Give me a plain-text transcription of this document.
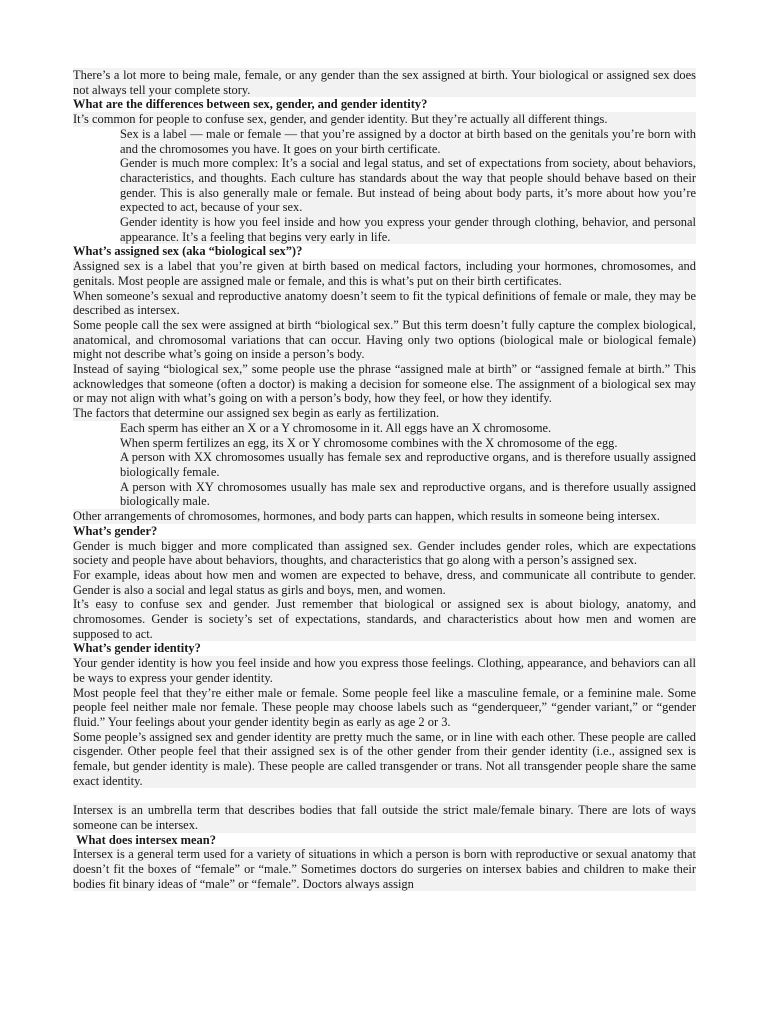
There’s a lot more to being male, female, or any gender than the sex assigned at birth. Your biological or assigned sex does not always tell your complete story.

What are the differences between sex, gender, and gender identity?

It’s common for people to confuse sex, gender, and gender identity. But they’re actually all different things.

Sex is a label — male or female — that you’re assigned by a doctor at birth based on the genitals you’re born with and the chromosomes you have. It goes on your birth certificate.

Gender is much more complex: It’s a social and legal status, and set of expectations from society, about behaviors, characteristics, and thoughts. Each culture has standards about the way that people should behave based on their gender. This is also generally male or female. But instead of being about body parts, it’s more about how you’re expected to act, because of your sex.

Gender identity is how you feel inside and how you express your gender through clothing, behavior, and personal appearance. It’s a feeling that begins very early in life.

What’s assigned sex (aka “biological sex”)?

Assigned sex is a label that you’re given at birth based on medical factors, including your hormones, chromosomes, and genitals. Most people are assigned male or female, and this is what’s put on their birth certificates.

When someone’s sexual and reproductive anatomy doesn’t seem to fit the typical definitions of female or male, they may be described as intersex.

Some people call the sex were assigned at birth “biological sex.” But this term doesn’t fully capture the complex biological, anatomical, and chromosomal variations that can occur. Having only two options (biological male or biological female) might not describe what’s going on inside a person’s body.

Instead of saying “biological sex,” some people use the phrase “assigned male at birth” or “assigned female at birth.” This acknowledges that someone (often a doctor) is making a decision for someone else. The assignment of a biological sex may or may not align with what’s going on with a person’s body, how they feel, or how they identify.

The factors that determine our assigned sex begin as early as fertilization.

Each sperm has either an X or a Y chromosome in it. All eggs have an X chromosome.

When sperm fertilizes an egg, its X or Y chromosome combines with the X chromosome of the egg.

A person with XX chromosomes usually has female sex and reproductive organs, and is therefore usually assigned biologically female.

A person with XY chromosomes usually has male sex and reproductive organs, and is therefore usually assigned biologically male.

Other arrangements of chromosomes, hormones, and body parts can happen, which results in someone being intersex.

What’s gender?

Gender is much bigger and more complicated than assigned sex. Gender includes gender roles, which are expectations society and people have about behaviors, thoughts, and characteristics that go along with a person’s assigned sex.

For example, ideas about how men and women are expected to behave, dress, and communicate all contribute to gender. Gender is also a social and legal status as girls and boys, men, and women.

It’s easy to confuse sex and gender. Just remember that biological or assigned sex is about biology, anatomy, and chromosomes. Gender is society’s set of expectations, standards, and characteristics about how men and women are supposed to act.

What’s gender identity?

Your gender identity is how you feel inside and how you express those feelings. Clothing, appearance, and behaviors can all be ways to express your gender identity.

Most people feel that they’re either male or female. Some people feel like a masculine female, or a feminine male. Some people feel neither male nor female. These people may choose labels such as “genderqueer,” “gender variant,” or “gender fluid.” Your feelings about your gender identity begin as early as age 2 or 3.

Some people’s assigned sex and gender identity are pretty much the same, or in line with each other. These people are called cisgender. Other people feel that their assigned sex is of the other gender from their gender identity (i.e., assigned sex is female, but gender identity is male). These people are called transgender or trans. Not all transgender people share the same exact identity.

Intersex is an umbrella term that describes bodies that fall outside the strict male/female binary. There are lots of ways someone can be intersex.

What does intersex mean?

Intersex is a general term used for a variety of situations in which a person is born with reproductive or sexual anatomy that doesn’t fit the boxes of “female” or “male.” Sometimes doctors do surgeries on intersex babies and children to make their bodies fit binary ideas of “male” or “female”. Doctors always assign
